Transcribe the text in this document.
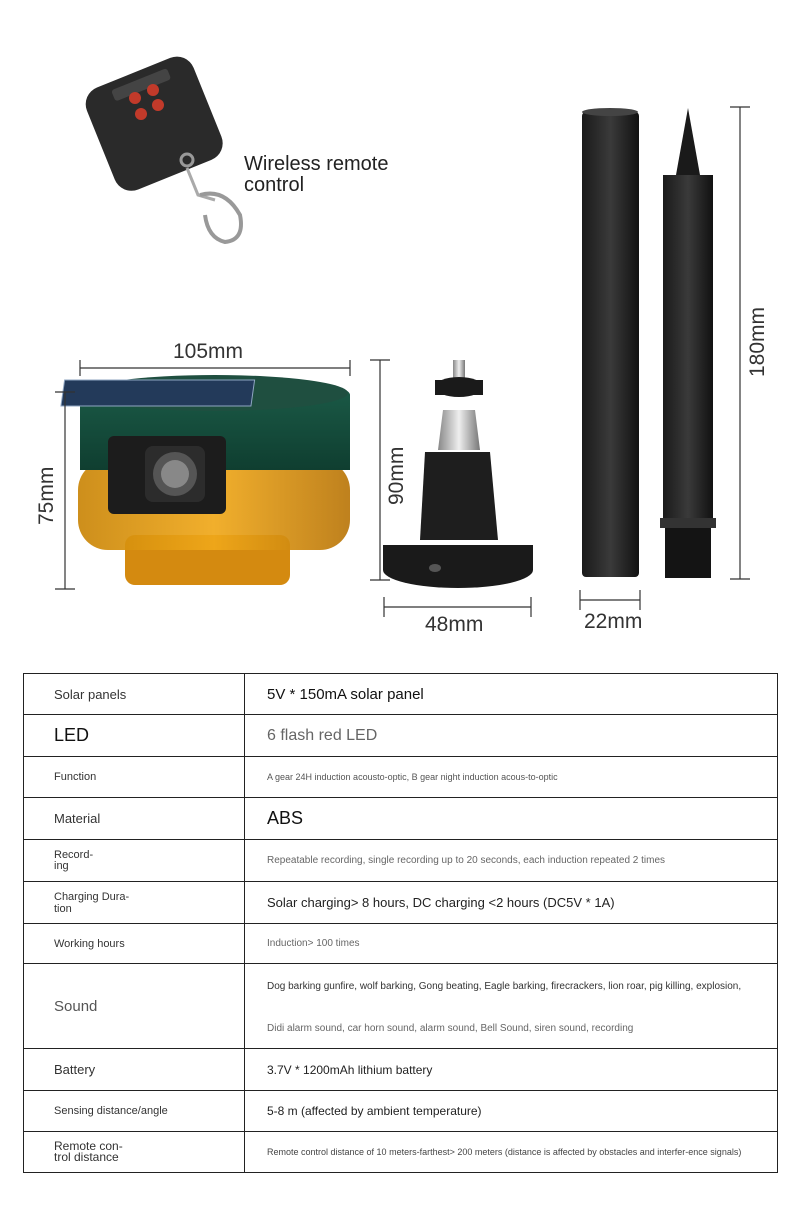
Wireless remote control
105mm
75mm	90mm
48mm	22mm
180mm
Solar panels	5V * 150mA solar panel
LED	6 flash red LED
Function	A gear 24H induction acousto-optic, B gear night induction acous-to-optic

Material	ABS

Record-ing	Repeatable recording, single recording up to 20 seconds, each induction repeated 2 times

Charging Dura-tion	Solar charging> 8 hours, DC charging <2 hours (DC5V * 1A)
Working hours	Induction> 100 times
Sound	Dog barking gunfire, wolf barking, Gong beating, Eagle barking, firecrackers, lion roar, pig killing, explosion,
Didi alarm sound, car horn sound, alarm sound, Bell Sound, siren sound, recording

Battery	3.7V * 1200mAh lithium battery
Sensing distance/angle	5-8 m (affected by ambient temperature)

Remote con-trol distance	Remote control distance of 10 meters-farthest> 200 meters (distance is affected by obstacles and interfer-ence signals)
